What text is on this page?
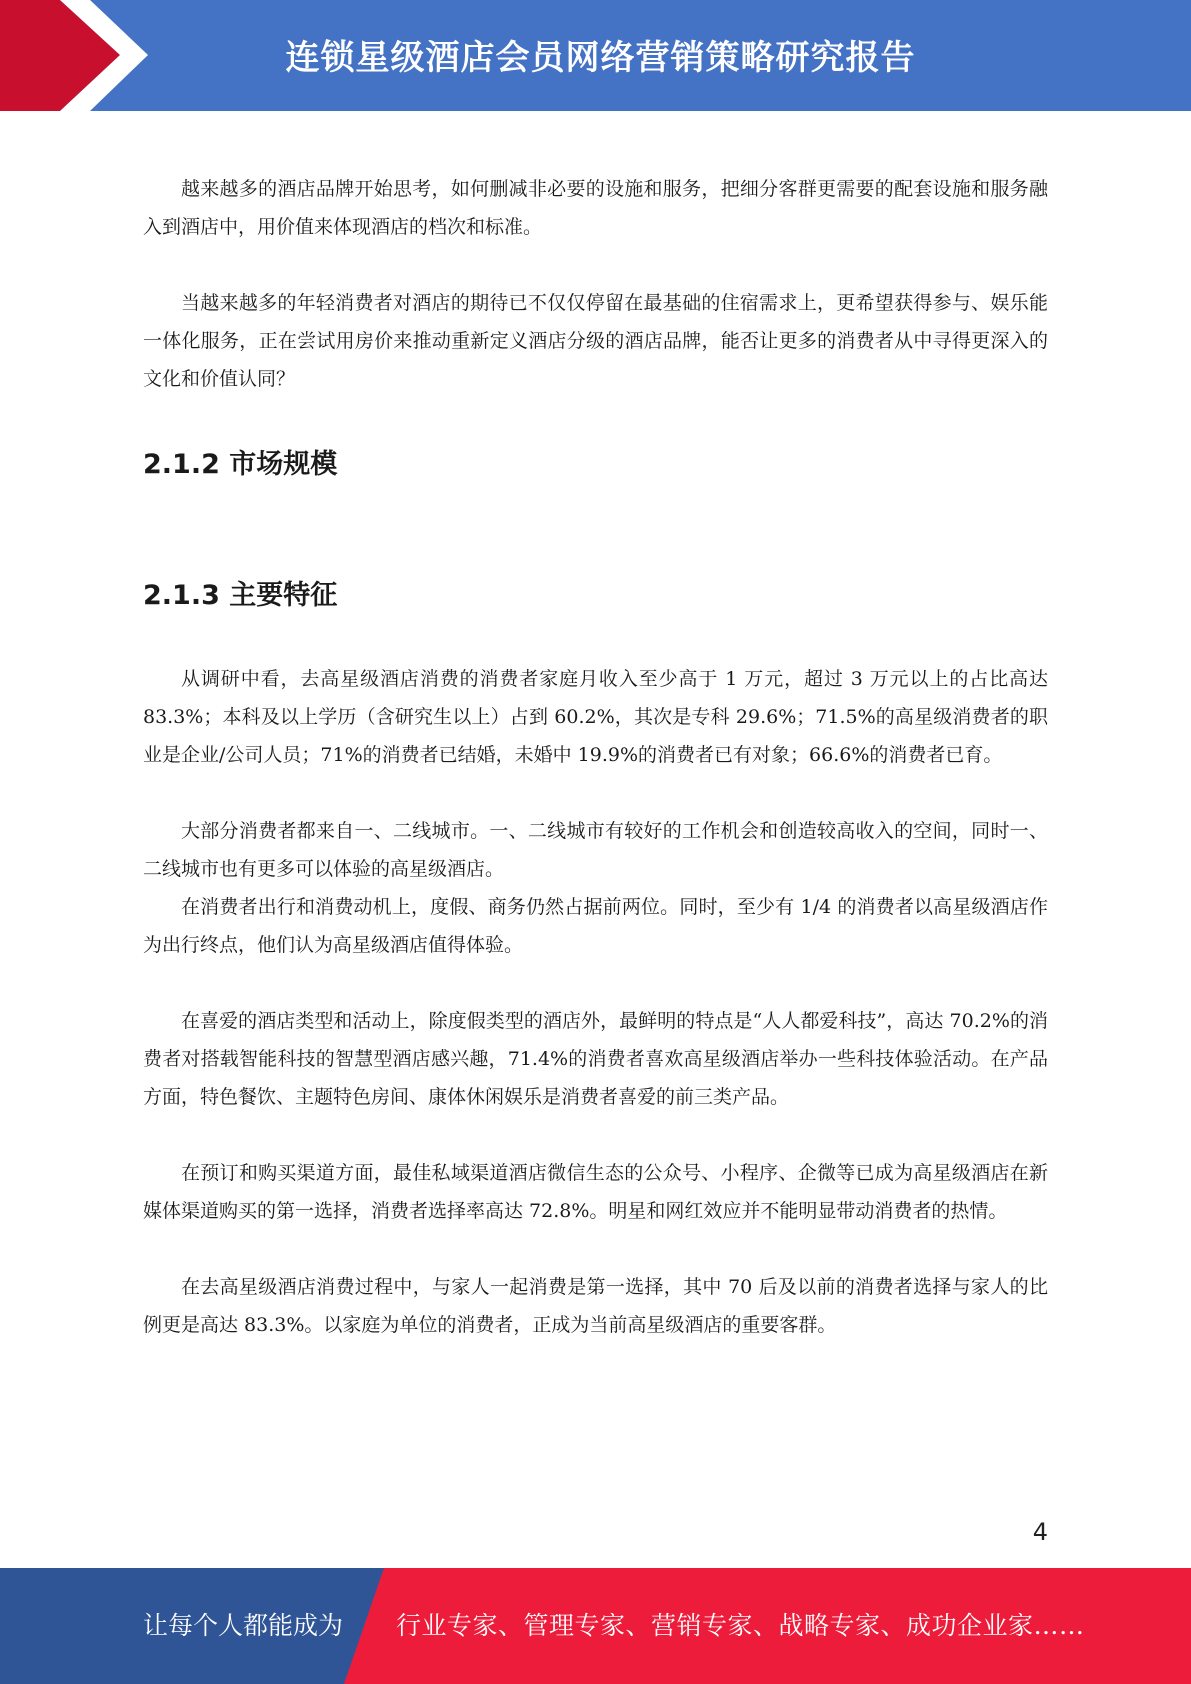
连锁星级酒店会员网络营销策略研究报告

越来越多的酒店品牌开始思考，如何删减非必要的设施和服务，把细分客群更需要的配套设施和服务融入到酒店中，用价值来体现酒店的档次和标准。

当越来越多的年轻消费者对酒店的期待已不仅仅停留在最基础的住宿需求上，更希望获得参与、娱乐能一体化服务，正在尝试用房价来推动重新定义酒店分级的酒店品牌，能否让更多的消费者从中寻得更深入的文化和价值认同？

2.1.2 市场规模
2.1.3 主要特征

从调研中看，去高星级酒店消费的消费者家庭月收入至少高于 1 万元，超过 3 万元以上的占比高达 83.3%；本科及以上学历（含研究生以上）占到 60.2%，其次是专科 29.6%；71.5%的高星级消费者的职业是企业/公司人员；71%的消费者已结婚，未婚中 19.9%的消费者已有对象；66.6%的消费者已育。

大部分消费者都来自一、二线城市。一、二线城市有较好的工作机会和创造较高收入的空间，同时一、二线城市也有更多可以体验的高星级酒店。

在消费者出行和消费动机上，度假、商务仍然占据前两位。同时，至少有 1/4 的消费者以高星级酒店作为出行终点，他们认为高星级酒店值得体验。

在喜爱的酒店类型和活动上，除度假类型的酒店外，最鲜明的特点是“人人都爱科技”，高达 70.2%的消费者对搭载智能科技的智慧型酒店感兴趣，71.4%的消费者喜欢高星级酒店举办一些科技体验活动。在产品方面，特色餐饮、主题特色房间、康体休闲娱乐是消费者喜爱的前三类产品。

在预订和购买渠道方面，最佳私域渠道酒店微信生态的公众号、小程序、企微等已成为高星级酒店在新媒体渠道购买的第一选择，消费者选择率高达 72.8%。明星和网红效应并不能明显带动消费者的热情。

在去高星级酒店消费过程中，与家人一起消费是第一选择，其中 70 后及以前的消费者选择与家人的比例更是高达 83.3%。以家庭为单位的消费者，正成为当前高星级酒店的重要客群。

4
让每个人都能成为 行业专家、管理专家、营销专家、战略专家、成功企业家……
